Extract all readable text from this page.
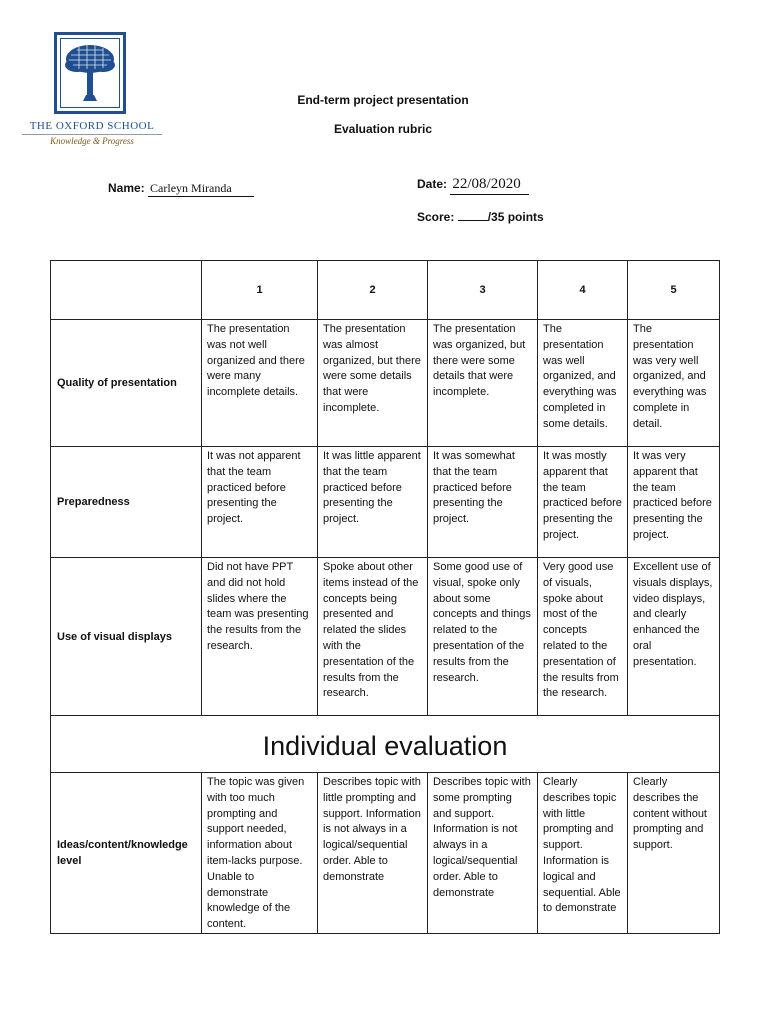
THE OXFORD SCHOOL
Knowledge & Progress
End-term project presentation
Evaluation rubric
Name: Carleyn Miranda	Date: 22/08/2020
Score:	/35 points
	1	2	3	4	5
Quality of presentation	The presentation was not well organized and there were many incomplete details.	The presentation was almost organized, but there were some details that were incomplete.	The presentation was organized, but there were some details that were incomplete.	The presentation was well organized, and everything was completed in some details.	The presentation was very well organized, and everything was complete in detail.
Preparedness	It was not apparent that the team practiced before presenting the project.	It was little apparent that the team practiced before presenting the project.	It was somewhat that the team practiced before presenting the project.	It was mostly apparent that the team practiced before presenting the project.	It was very apparent that the team practiced before presenting the project.
Use of visual displays	Did not have PPT and did not hold slides where the team was presenting the results from the research.	Spoke about other items instead of the concepts being presented and related the slides with the presentation of the results from the research.	Some good use of visual, spoke only about some concepts and things related to the presentation of the results from the research.	Very good use of visuals, spoke about most of the concepts related to the presentation of the results from the research.	Excellent use of visuals displays, video displays, and clearly enhanced the oral presentation.
Individual evaluation					
Ideas/content/knowledge level	The topic was given with too much prompting and support needed, information about item-lacks purpose. Unable to demonstrate knowledge of the content.	Describes topic with little prompting and support. Information is not always in a logical/sequential order. Able to demonstrate	Describes topic with some prompting and support. Information is not always in a logical/sequential order. Able to demonstrate	Clearly describes topic with little prompting and support. Information is logical and sequential. Able to demonstrate	Clearly describes the content without prompting and support.
